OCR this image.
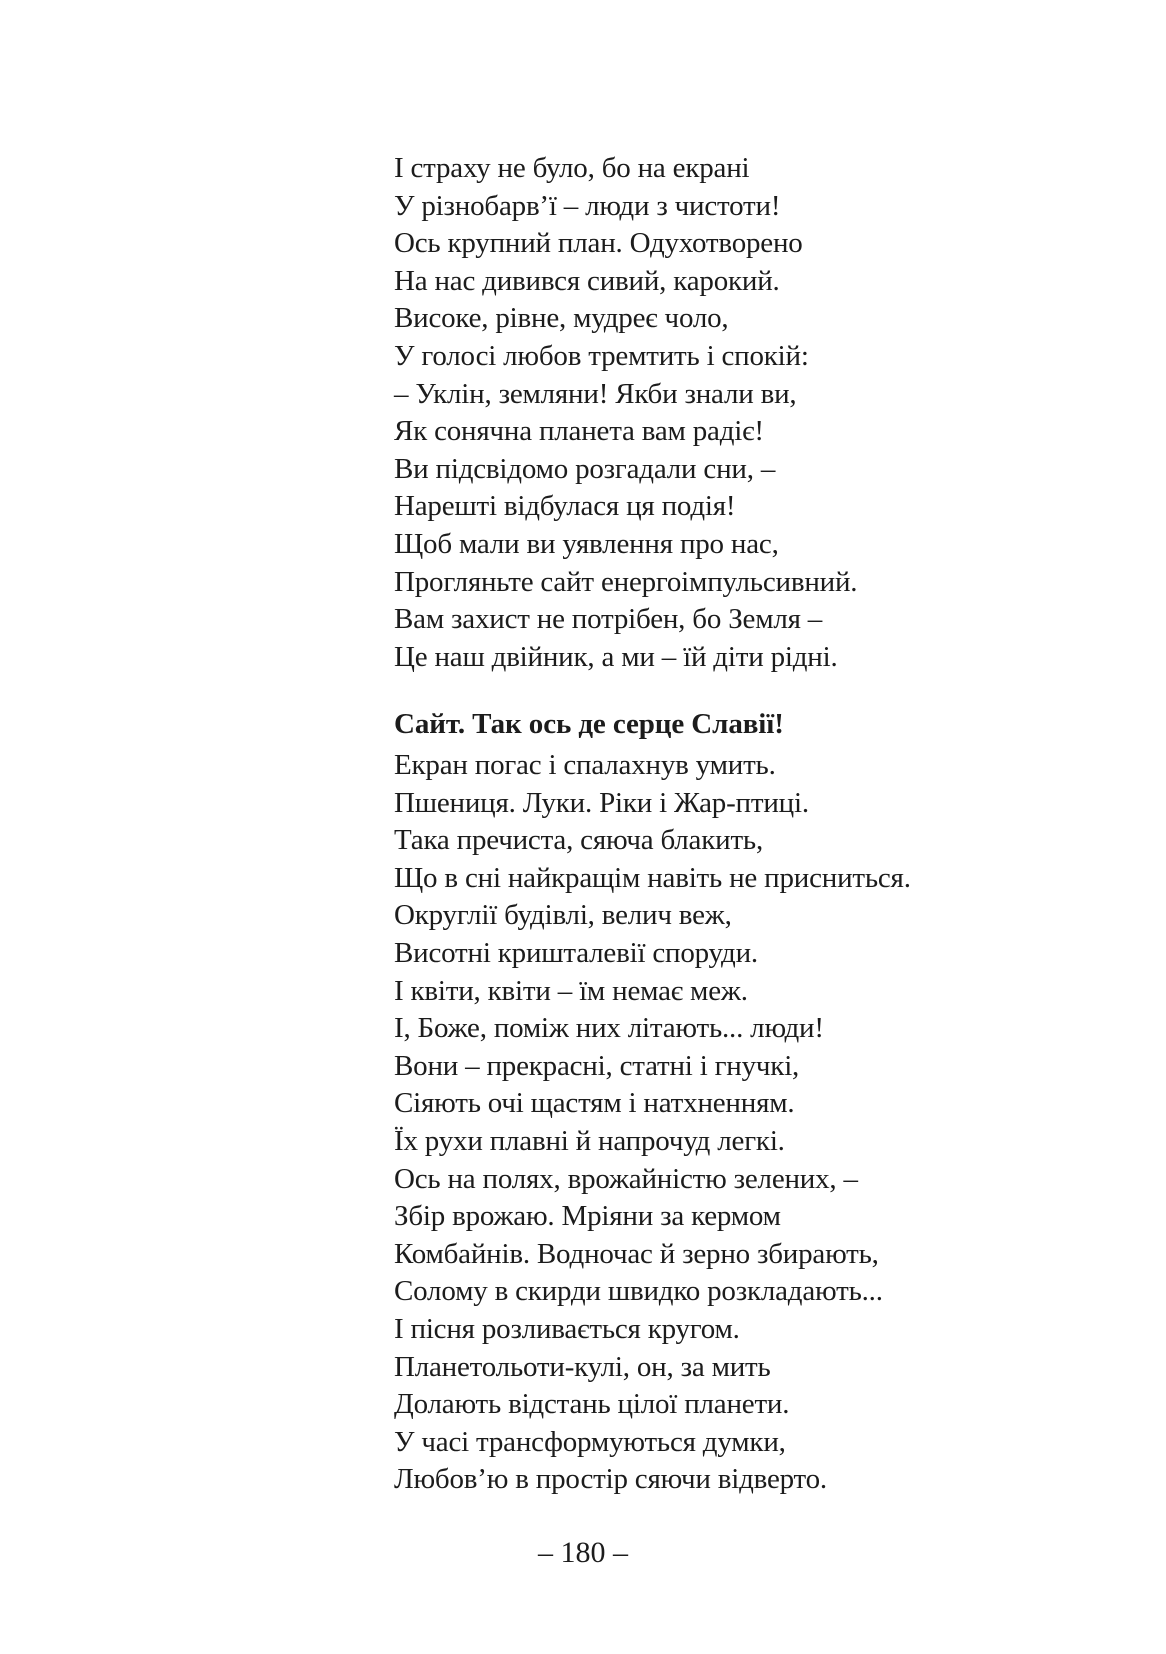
І страху не було, бо на екрані
У різнобарв’ї – люди з чистоти!
Ось крупний план. Одухотворено
На нас дивився сивий, карокий.
Високе, рівне, мудреє чоло,
У голосі любов тремтить і спокій:
– Уклін, земляни! Якби знали ви,
Як сонячна планета вам радіє!
Ви підсвідомо розгадали сни, –
Нарешті відбулася ця подія!
Щоб мали ви уявлення про нас,
Прогляньте сайт енергоімпульсивний.
Вам захист не потрібен, бо Земля –
Це наш двійник, а ми – їй діти рідні.
Сайт. Так ось де серце Славії!
Екран погас і спалахнув умить.
Пшениця. Луки. Ріки і Жар-птиці.
Така пречиста, сяюча блакить,
Що в сні найкращім навіть не присниться.
Округлії будівлі, велич веж,
Висотні кришталевії споруди.
І квіти, квіти – їм немає меж.
І, Боже, поміж них літають... люди!
Вони – прекрасні, статні і гнучкі,
Сіяють очі щастям і натхненням.
Їх рухи плавні й напрочуд легкі.
Ось на полях, врожайністю зелених, –
Збір врожаю. Мріяни за кермом
Комбайнів. Водночас й зерно збирають,
Солому в скирди швидко розкладають...
І пісня розливається кругом.
Планетольоти-кулі, он, за мить
Долають відстань цілої планети.
У часі трансформуються думки,
Любов’ю в простір сяючи відверто.
– 180 –
